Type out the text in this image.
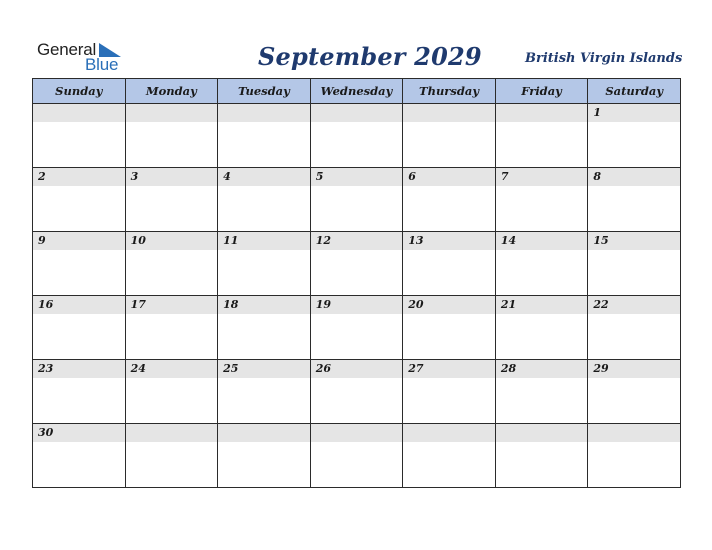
General
Blue	September 2029	British Virgin Islands
Sunday	Monday	Tuesday	Wednesday	Thursday	Friday	Saturday

						1

2	3	4	5	6	7	8

9	10	11	12	13	14	15

16	17	18	19	20	21	22

23	24	25	26	27	28	29

30						
